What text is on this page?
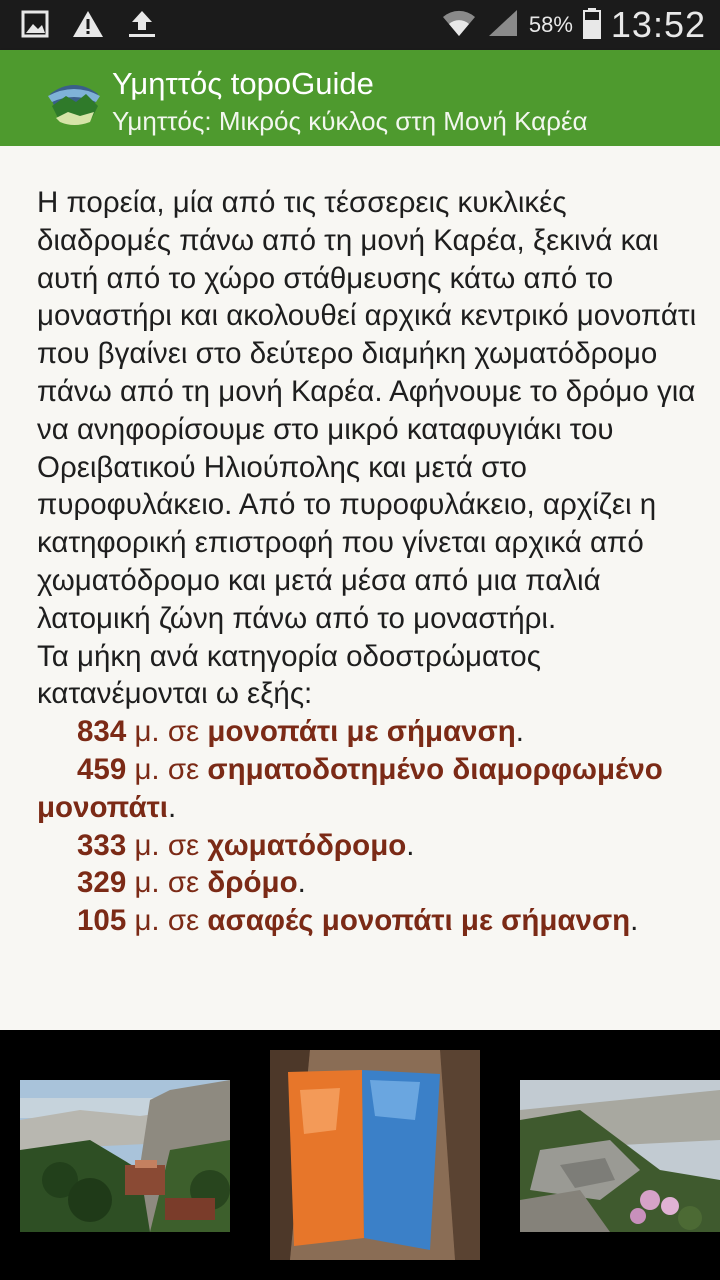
58% 13:52
Υμηττός topoGuide
Υμηττός: Μικρός κύκλος στη Μονή Καρέα

Η πορεία, μία από τις τέσσερεις κυκλικές διαδρομές πάνω από τη μονή Καρέα, ξεκινά και αυτή από το χώρο στάθμευσης κάτω από το μοναστήρι και ακολουθεί αρχικά κεντρικό μονοπάτι που βγαίνει στο δεύτερο διαμήκη χωματόδρομο πάνω από τη μονή Καρέα. Αφήνουμε το δρόμο για να ανηφορίσουμε στο μικρό καταφυγιάκι του Ορειβατικού Ηλιούπολης και μετά στο πυροφυλάκειο. Από το πυροφυλάκειο, αρχίζει η κατηφορική επιστροφή που γίνεται αρχικά από χωματόδρομο και μετά μέσα από μια παλιά λατομική ζώνη πάνω από το μοναστήρι.

Τα μήκη ανά κατηγορία οδοστρώματος κατανέμονται ω εξής:

834 μ. σε μονοπάτι με σήμανση.
459 μ. σε σηματοδοτημένο διαμορφωμένο μονοπάτι.
333 μ. σε χωματόδρομο.
329 μ. σε δρόμο.
105 μ. σε ασαφές μονοπάτι με σήμανση.
